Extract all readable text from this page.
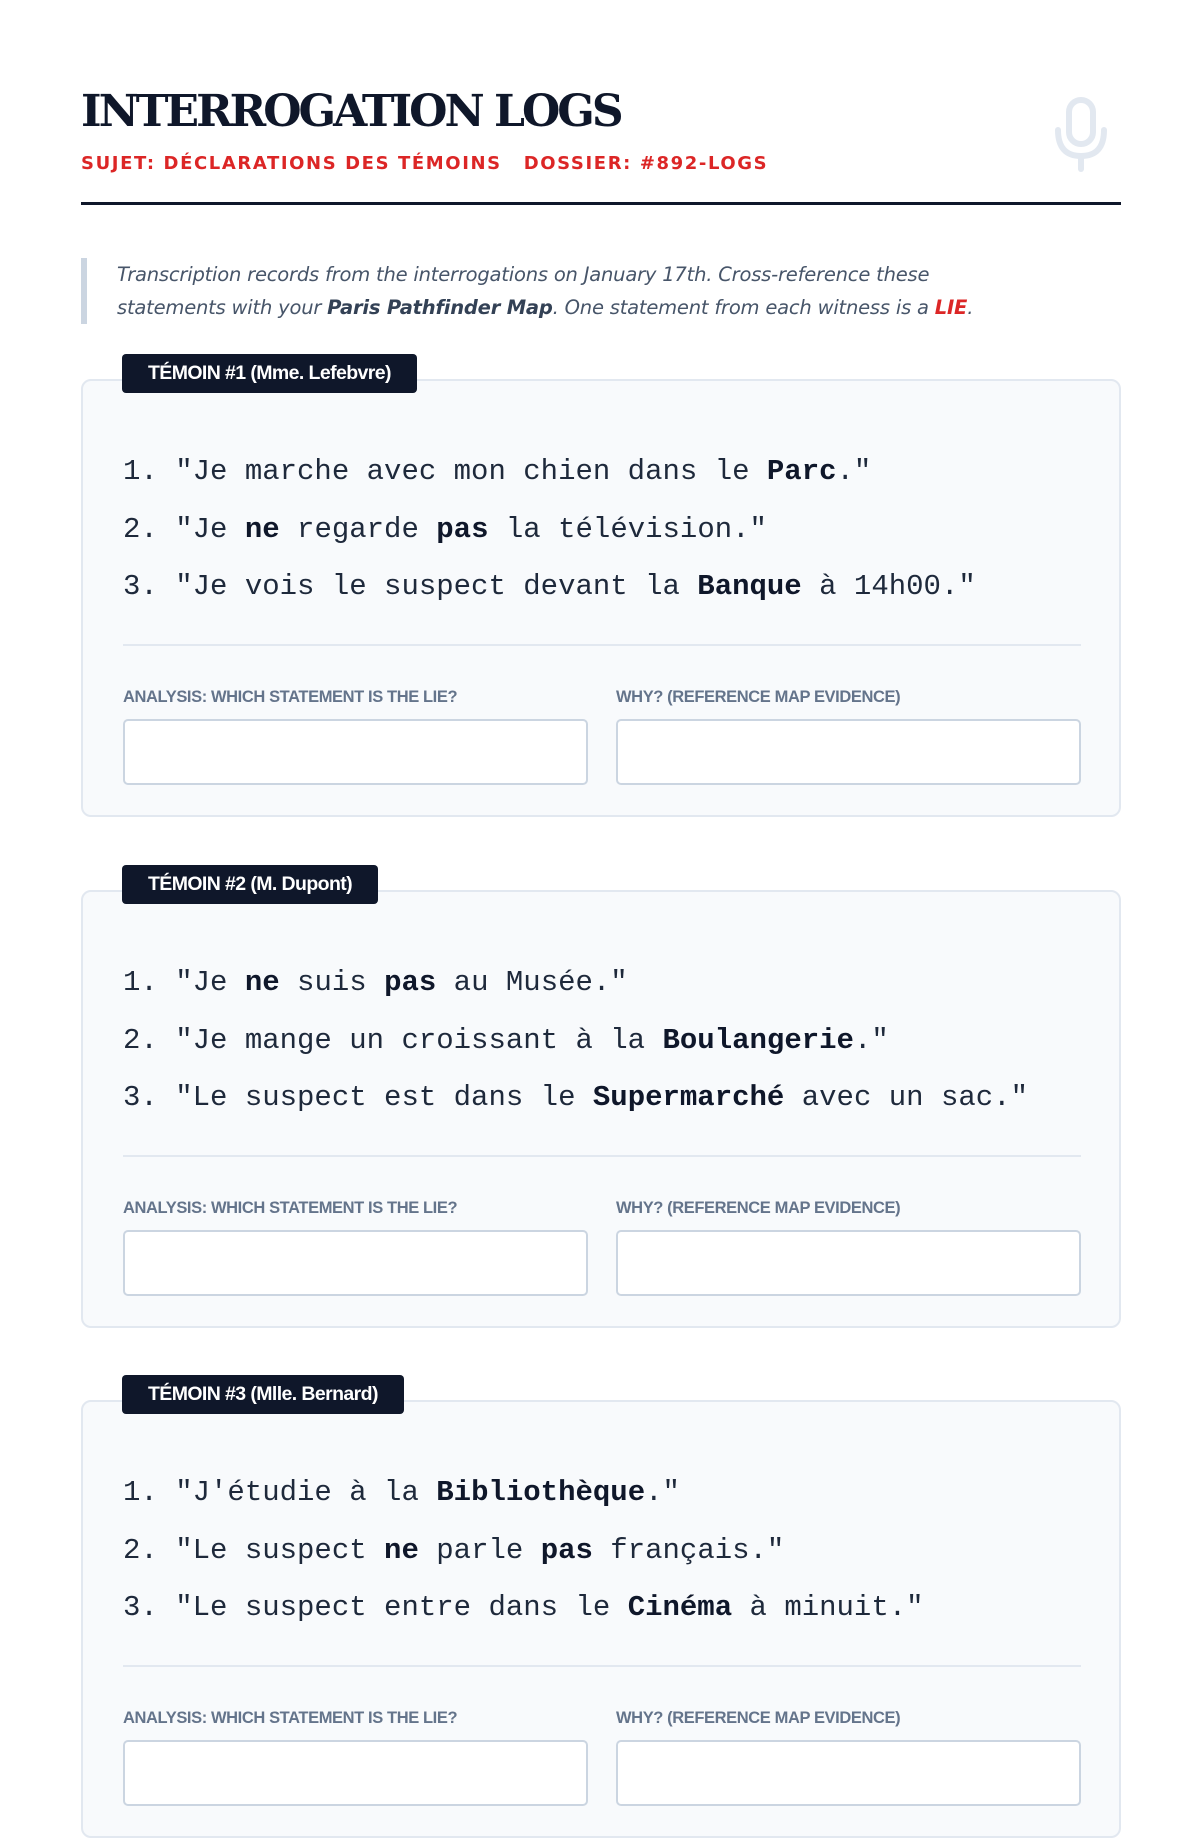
INTERROGATION LOGS
SUJET: DÉCLARATIONS DES TÉMOINS DOSSIER: #892-LOGS
Transcription records from the interrogations on January 17th. Cross-reference these
statements with your Paris Pathfinder Map. One statement from each witness is a LIE.
TÉMOIN #1 (Mme. Lefebvre)
1. "Je marche avec mon chien dans le Parc."
2. "Je ne regarde pas la télévision."
3. "Je vois le suspect devant la Banque à 14h00."
ANALYSIS: WHICH STATEMENT IS THE LIE?	WHY? (REFERENCE MAP EVIDENCE)
TÉMOIN #2 (M. Dupont)
1. "Je ne suis pas au Musée."
2. "Je mange un croissant à la Boulangerie."
3. "Le suspect est dans le Supermarché avec un sac."
ANALYSIS: WHICH STATEMENT IS THE LIE?	WHY? (REFERENCE MAP EVIDENCE)
TÉMOIN #3 (Mlle. Bernard)
1. "J'étudie à la Bibliothèque."
2. "Le suspect ne parle pas français."
3. "Le suspect entre dans le Cinéma à minuit."
ANALYSIS: WHICH STATEMENT IS THE LIE?	WHY? (REFERENCE MAP EVIDENCE)
